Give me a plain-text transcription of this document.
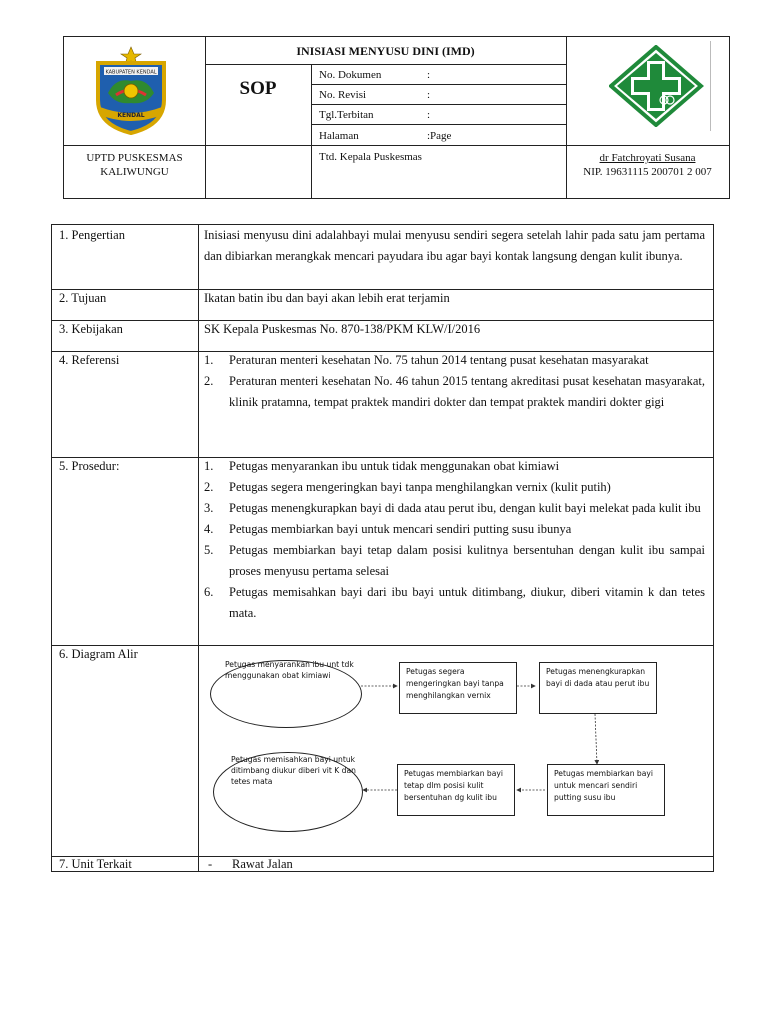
KABUPATEN KENDAL
KENDAL
INISIASI MENYUSU DINI (IMD)
SOP
No. Dokumen	:
No. Revisi	:
Tgl.Terbitan	:
Halaman	:Page
UPTD PUSKESMAS
KALIWUNGU
Ttd. Kepala Puskesmas	dr Fatchroyati Susana
NIP. 19631115 200701 2 007
1. Pengertian	Inisiasi menyusu dini adalahbayi mulai menyusu sendiri segera setelah lahir pada satu jam pertama dan dibiarkan merangkak mencari payudara ibu agar bayi kontak langsung dengan kulit ibunya.
2. Tujuan	Ikatan batin ibu dan bayi akan lebih erat terjamin
3. Kebijakan	SK Kepala Puskesmas No. 870-138/PKM KLW/I/2016
4. Referensi	1.	Peraturan menteri kesehatan No. 75 tahun 2014 tentang pusat kesehatan masyarakat
2.	Peraturan menteri kesehatan No. 46 tahun 2015 tentang akreditasi pusat kesehatan masyarakat, klinik pratamna, tempat praktek mandiri dokter dan tempat praktek mandiri dokter gigi
5. Prosedur:	1.	Petugas menyarankan ibu untuk tidak menggunakan obat kimiawi
2.	Petugas segera mengeringkan bayi tanpa menghilangkan vernix (kulit putih)
3.	Petugas menengkurapkan bayi di dada atau perut ibu, dengan kulit bayi melekat pada kulit ibu
4.	Petugas membiarkan bayi untuk mencari sendiri putting susu ibunya
5.	Petugas membiarkan bayi tetap dalam posisi kulitnya bersentuhan dengan kulit ibu sampai proses menyusu pertama selesai
6.	Petugas memisahkan bayi dari ibu bayi untuk ditimbang, diukur, diberi vitamin k dan tetes mata.
6. Diagram Alir
Petugas menyarankan ibu unt tdk menggunakan obat kimiawi	Petugas segera mengeringkan bayi tanpa menghilangkan vernix
Petugas menengkurapkan bayi di dada atau perut ibu
Petugas membiarkan bayi untuk mencari sendiri putting susu ibu
Petugas membiarkan bayi tetap dlm posisi kulit bersentuhan dg kulit ibu
Petugas memisahkan bayi untuk ditimbang diukur diberi vit K dan tetes mata
7. Unit Terkait	- Rawat Jalan
